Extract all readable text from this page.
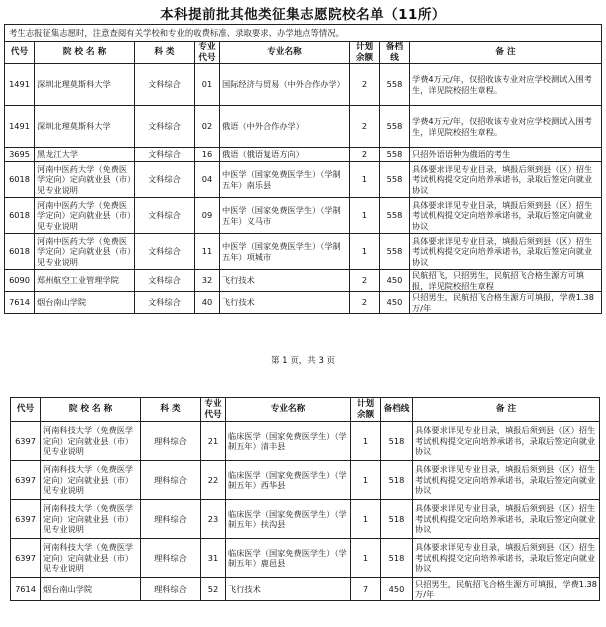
本科提前批其他类征集志愿院校名单（11所）
考生志报征集志愿时，注意查阅有关学校和专业的收费标准、录取要求、办学地点等情况。							
代号	院 校 名 称	科 类	专业代号	专业名称	计划余额	备档线	备 注
1491	深圳北理莫斯科大学	文科综合	01	国际经济与贸易（中外合作办学）	2	558	学费4万元/年，仅招收该专业对应学校测试入围考生，详见院校招生章程。
1491	深圳北理莫斯科大学	文科综合	02	俄语（中外合作办学）	2	558	学费4万元/年，仅招收该专业对应学校测试入围考生，详见院校招生章程。
3695	黑龙江大学	文科综合	16	俄语（俄语复语方向）	2	558	只招外语语种为俄语的考生
6018	河南中医药大学（免费医学定向）定向就业县（市）见专业说明	文科综合	04	中医学（国家免费医学生）（学制五年）南乐县	1	558	具体要求详见专业目录，填报后须到县（区）招生考试机构提交定向培养承诺书，录取后签定向就业协议
6018	河南中医药大学（免费医学定向）定向就业县（市）见专业说明	文科综合	09	中医学（国家免费医学生）（学制五年）义马市	1	558	具体要求详见专业目录，填报后须到县（区）招生考试机构提交定向培养承诺书，录取后签定向就业协议
6018	河南中医药大学（免费医学定向）定向就业县（市）见专业说明	文科综合	11	中医学（国家免费医学生）（学制五年）项城市	1	558	具体要求详见专业目录，填报后须到县（区）招生考试机构提交定向培养承诺书，录取后签定向就业协议
6090	郑州航空工业管理学院	文科综合	32	飞行技术	2	450	民航招飞，只招男生，民航招飞合格生源方可填报，详见院校招生章程
7614	烟台南山学院	文科综合	40	飞行技术	2	450	只招男生，民航招飞合格生源方可填报，学费1.38万/年
第 1 页，共 3 页
代号	院 校 名 称	科 类	专业代号	专业名称	计划余额	备档线	备 注
6397	河南科技大学（免费医学定向）定向就业县（市）见专业说明	理科综合	21	临床医学（国家免费医学生）（学制五年）清丰县	1	518	具体要求详见专业目录，填报后须到县（区）招生考试机构提交定向培养承诺书，录取后签定向就业协议
6397	河南科技大学（免费医学定向）定向就业县（市）见专业说明	理科综合	22	临床医学（国家免费医学生）（学制五年）西华县	1	518	具体要求详见专业目录，填报后须到县（区）招生考试机构提交定向培养承诺书，录取后签定向就业协议
6397	河南科技大学（免费医学定向）定向就业县（市）见专业说明	理科综合	23	临床医学（国家免费医学生）（学制五年）扶沟县	1	518	具体要求详见专业目录，填报后须到县（区）招生考试机构提交定向培养承诺书，录取后签定向就业协议
6397	河南科技大学（免费医学定向）定向就业县（市）见专业说明	理科综合	31	临床医学（国家免费医学生）（学制五年）鹿邑县	1	518	具体要求详见专业目录，填报后须到县（区）招生考试机构提交定向培养承诺书，录取后签定向就业协议
7614	烟台南山学院	理科综合	52	飞行技术	7	450	只招男生，民航招飞合格生源方可填报，学费1.38万/年
